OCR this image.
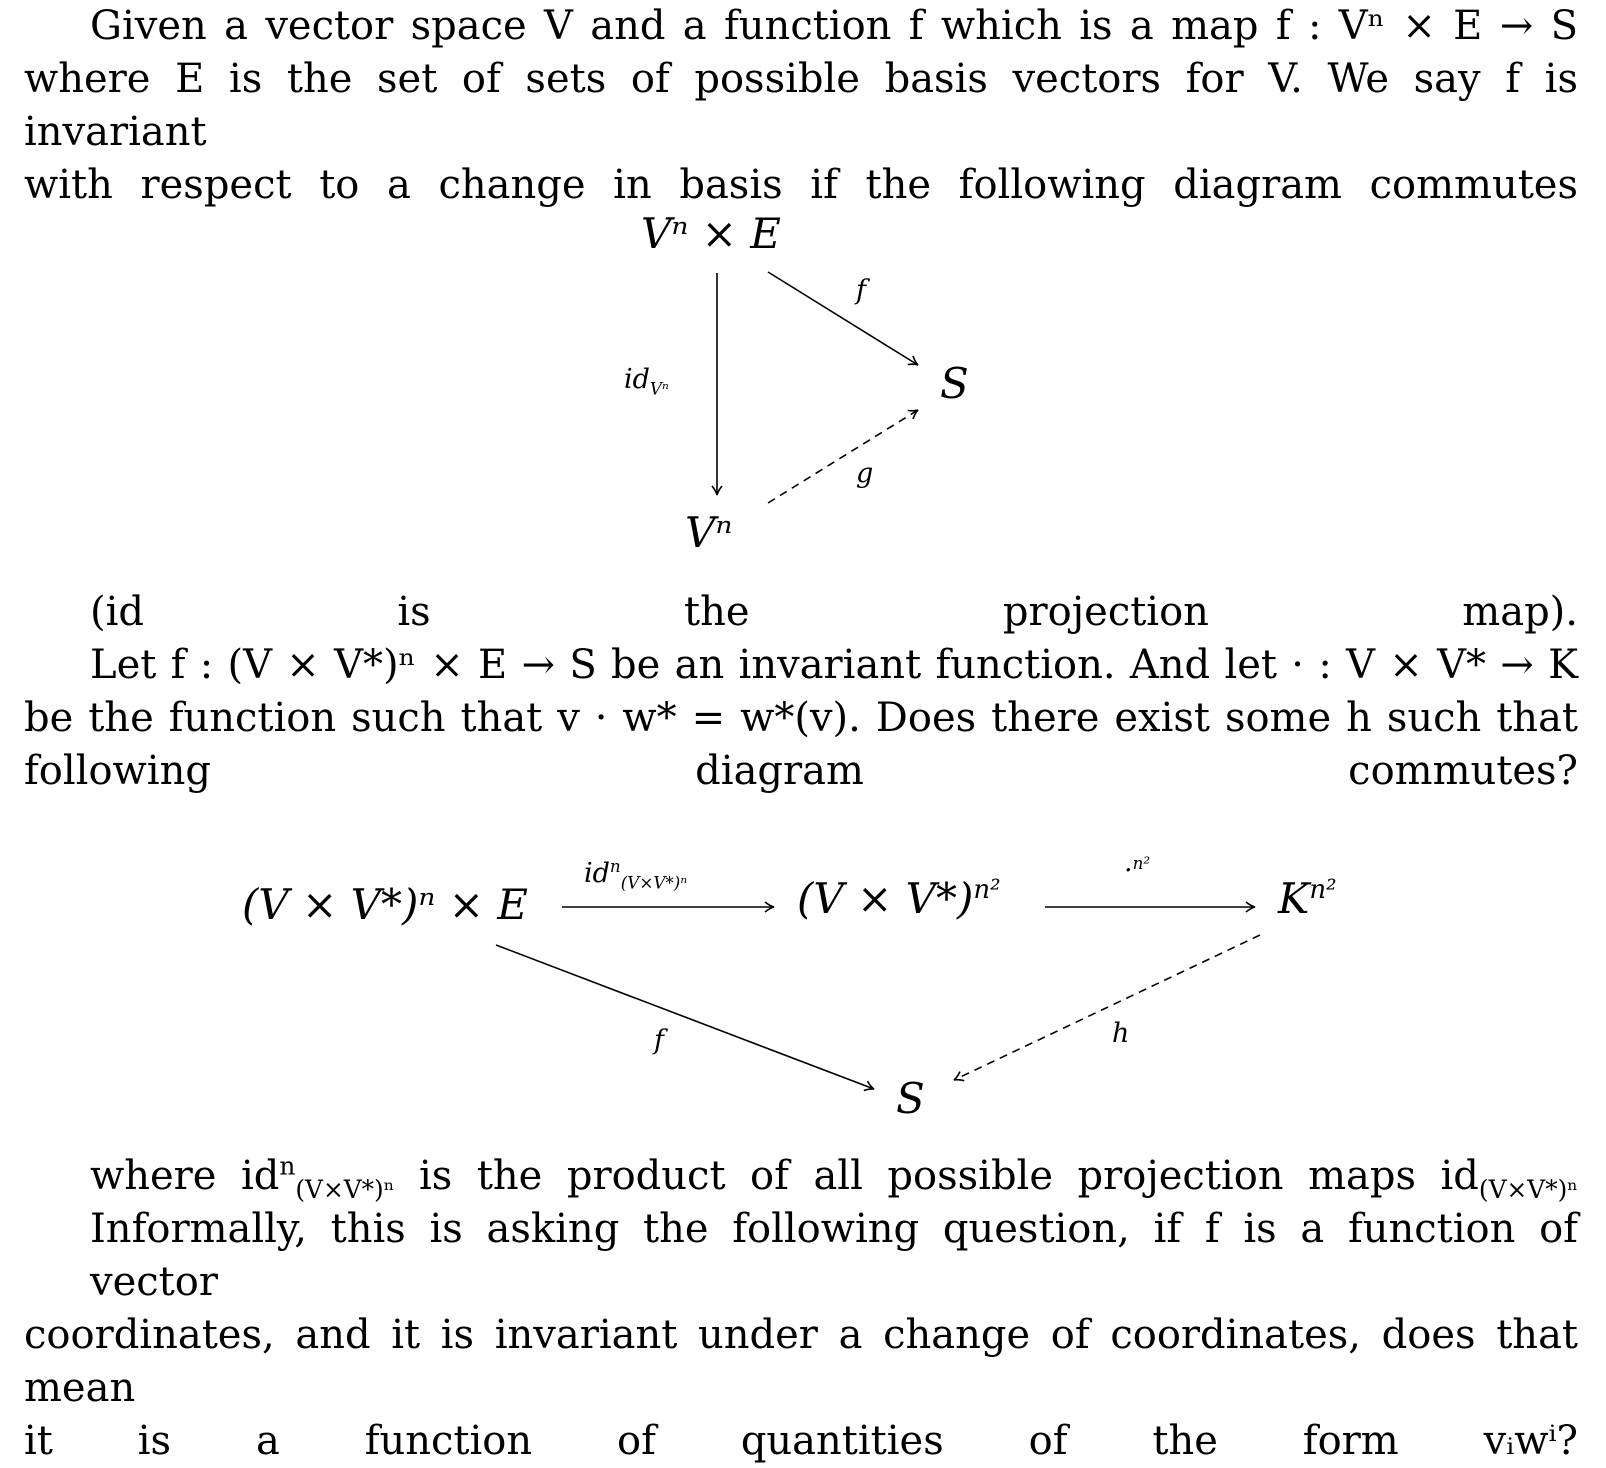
Given a vector space V and a function f which is a map f : Vⁿ × E → S
where E is the set of sets of possible basis vectors for V. We say f is invariant
with respect to a change in basis if the following diagram commutes
Vⁿ × E
S
Vⁿ
f
$id_{V^n}$
g
(id is the projection map).
Let f : (V × V*)ⁿ × E → S be an invariant function. And let · : V × V* → K
be the function such that v · w* = w*(v). Does there exist some h such that
following diagram commutes?
(V × V*)ⁿ × E	$(V \times V*)^{n^2}$	$K^{n^2}$
S
$id^n_{(V\times V*)^n}$	·$^{n^2}$
f	h
where $id^n_{(V\times V*)^n}$ is the product of all possible projection maps $id_{(V\times V*)^n}$
Informally, this is asking the following question, if f is a function of vector
coordinates, and it is invariant under a change of coordinates, does that mean
it is a function of quantities of the form vᵢwⁱ?
